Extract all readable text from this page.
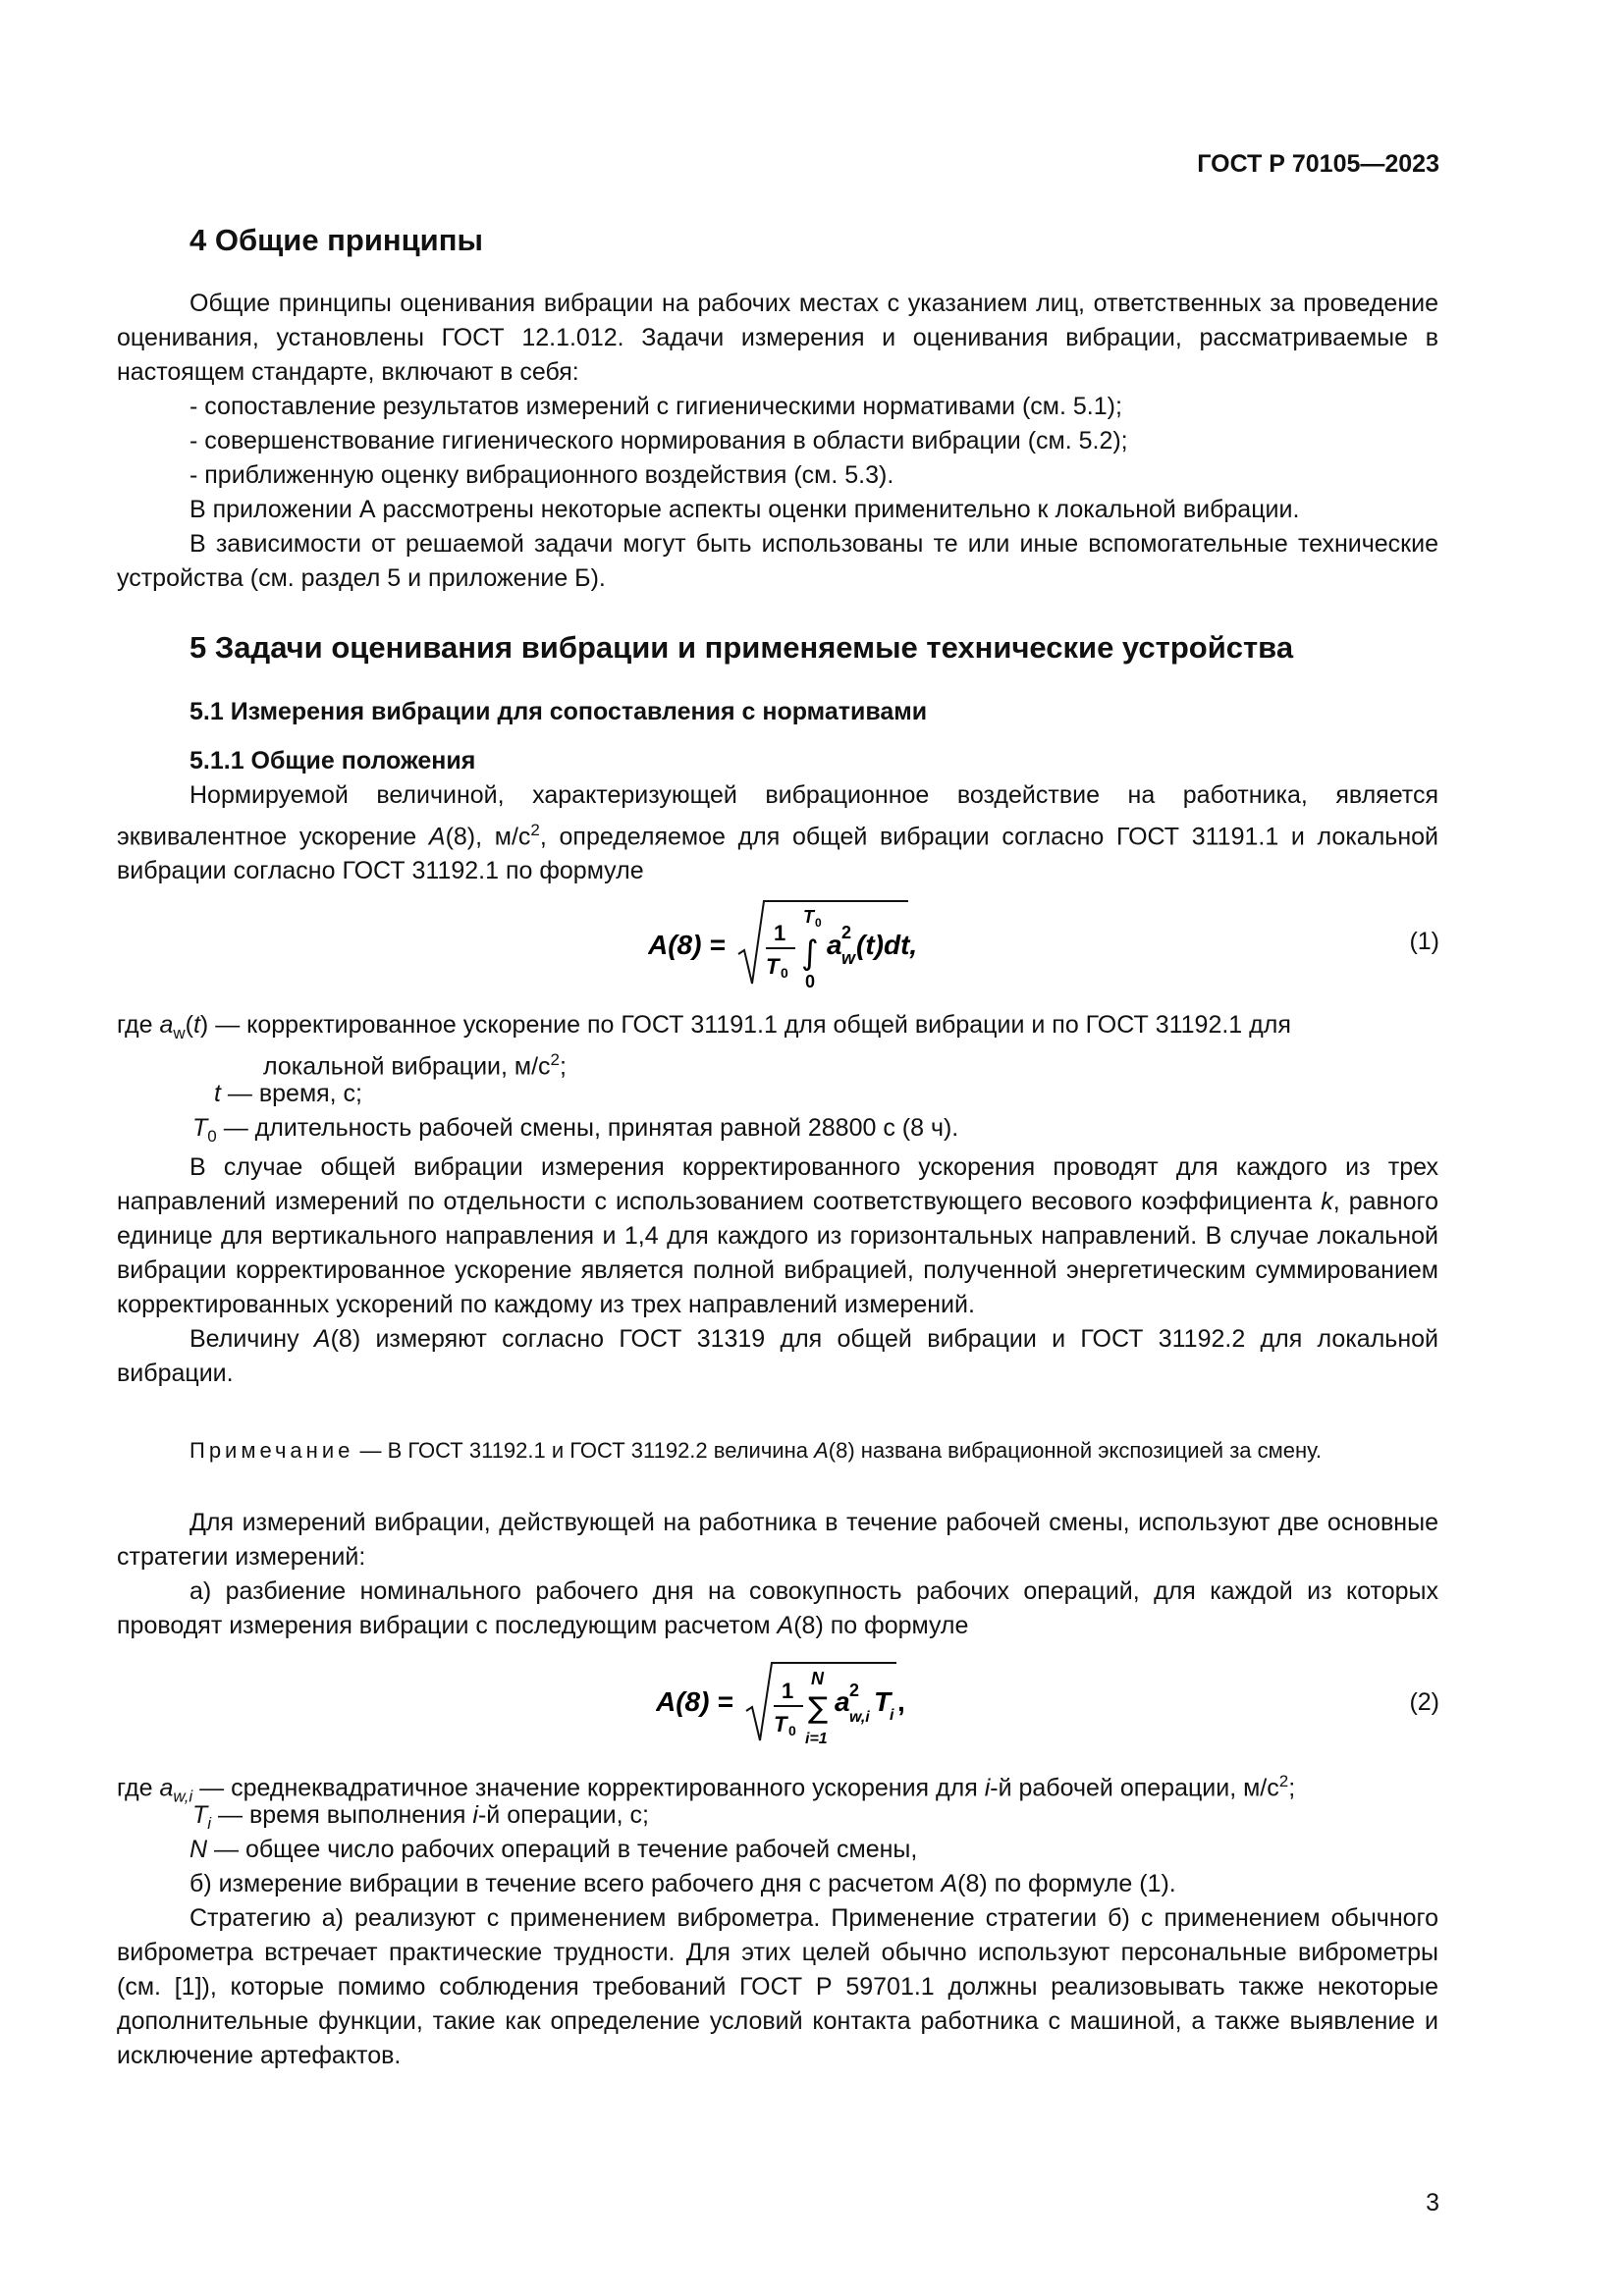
ГОСТ Р 70105—2023
4 Общие принципы

Общие принципы оценивания вибрации на рабочих местах с указанием лиц, ответственных за проведение оценивания, установлены ГОСТ 12.1.012. Задачи измерения и оценивания вибрации, рассматриваемые в настоящем стандарте, включают в себя:

- сопоставление результатов измерений с гигиеническими нормативами (см. 5.1);

- совершенствование гигиенического нормирования в области вибрации (см. 5.2);

- приближенную оценку вибрационного воздействия (см. 5.3).

В приложении А рассмотрены некоторые аспекты оценки применительно к локальной вибрации.

В зависимости от решаемой задачи могут быть использованы те или иные вспомогательные технические устройства (см. раздел 5 и приложение Б).

5 Задачи оценивания вибрации и применяемые технические устройства
5.1 Измерения вибрации для сопоставления с нормативами
5.1.1 Общие положения

Нормируемой величиной, характеризующей вибрационное воздействие на работника, является эквивалентное ускорение A(8), $м/с^2$, определяемое для общей вибрации согласно ГОСТ 31191.1 и локальной вибрации согласно ГОСТ 31192.1 по формуле

A(8) = 1
T 0 ∫
T 0
0
a 2
w (t)dt,	(1)
где $a_w(t)$ — корректированное ускорение по ГОСТ 31191.1 для общей вибрации и по ГОСТ 31192.1 для
локальной вибрации, $м/с^2$;
t — время, с;
$T_0$ — длительность рабочей смены, принятая равной 28800 с (8 ч).

В случае общей вибрации измерения корректированного ускорения проводят для каждого из трех направлений измерений по отдельности с использованием соответствующего весового коэффициента k, равного единице для вертикального направления и 1,4 для каждого из горизонтальных направлений. В случае локальной вибрации корректированное ускорение является полной вибрацией, полученной энергетическим суммированием корректированных ускорений по каждому из трех направлений измерений.

Величину A(8) измеряют согласно ГОСТ 31319 для общей вибрации и ГОСТ 31192.2 для локальной вибрации.

Примечание — В ГОСТ 31192.1 и ГОСТ 31192.2 величина A(8) названа вибрационной экспозицией за смену.

Для измерений вибрации, действующей на работника в течение рабочей смены, используют две основные стратегии измерений:

а) разбиение номинального рабочего дня на совокупность рабочих операций, для каждой из которых проводят измерения вибрации с последующим расчетом A(8) по формуле

A(8) = 1
T 0
N
∑
i=1
a 2
w,i
T
i ,	(2)
где $a_{w,i}$ — среднеквадратичное значение корректированного ускорения для i-й рабочей операции, $м/с^2$;
$T_i$ — время выполнения i-й операции, с;
N — общее число рабочих операций в течение рабочей смены,

б) измерение вибрации в течение всего рабочего дня с расчетом A(8) по формуле (1).

Стратегию а) реализуют с применением виброметра. Применение стратегии б) с применением обычного виброметра встречает практические трудности. Для этих целей обычно используют персональные виброметры (см. [1]), которые помимо соблюдения требований ГОСТ Р 59701.1 должны реализовывать также некоторые дополнительные функции, такие как определение условий контакта работника с машиной, а также выявление и исключение артефактов.

3
